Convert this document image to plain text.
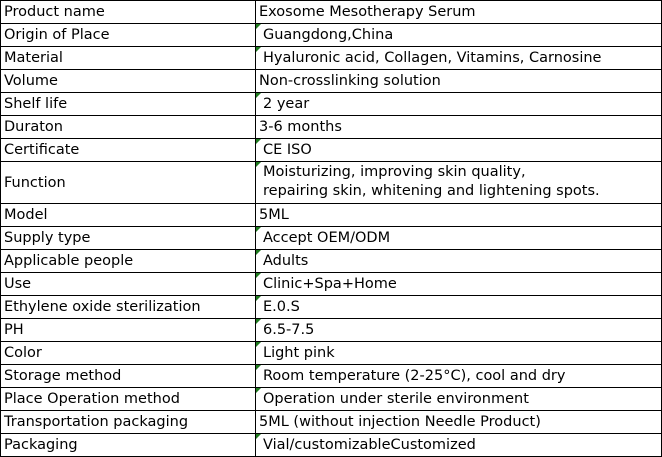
Product name	Exosome Mesotherapy Serum
Origin of Place	Guangdong,China
Material	Hyaluronic acid, Collagen, Vitamins, Carnosine
Volume	Non-crosslinking solution
Shelf life	2 year
Duraton	3-6 months
Certificate	CE ISO
Function	Moisturizing, improving skin quality,
repairing skin, whitening and lightening spots.

Model	5ML
Supply type	Accept OEM/ODM
Applicable people	Adults
Use	Clinic+Spa+Home
Ethylene oxide sterilization	E.0.S
PH	6.5-7.5
Color	Light pink
Storage method	Room temperature (2-25°C), cool and dry
Place Operation method	Operation under sterile environment
Transportation packaging	5ML (without injection Needle Product)
Packaging	Vial/customizableCustomized
